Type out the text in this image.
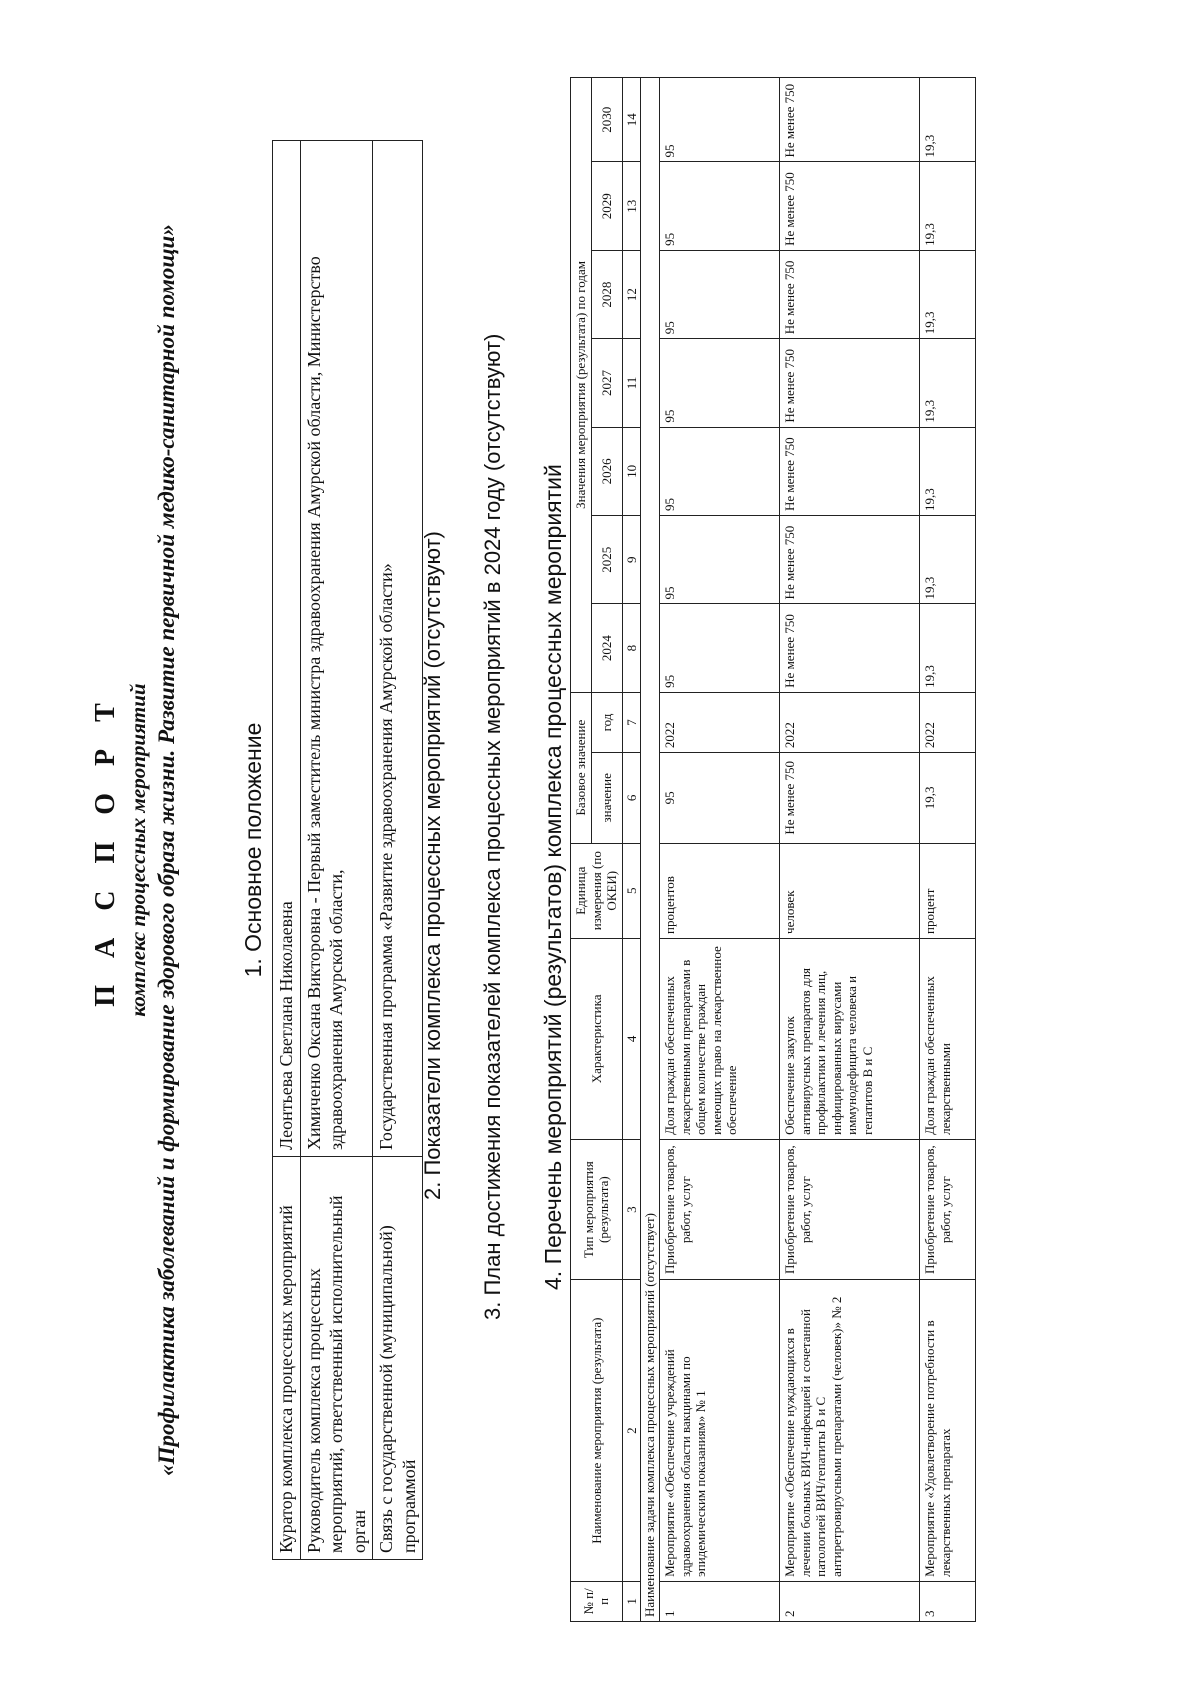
П А С П О Р Т комплекс процессных мероприятий «Профилактика заболеваний и формирование здорового образа жизни. Развитие первичной медико-санитарной помощи»	1. Основное положение
Куратор комплекса процессных мероприятий	Леонтьева Светлана Николаевна
Руководитель комплекса процессных мероприятий, ответственный исполнительный орган	Химиченко Оксана Викторовна - Первый заместитель министра здравоохранения Амурской области, Министерство здравоохранения Амурской области,
Связь с государственной (муниципальной) программой	Государственная программа «Развитие здравоохранения Амурской области» 2. Показатели комплекса процессных мероприятий (отсутствуют) 3. План достижения показателей комплекса процессных мероприятий в 2024 году (отсутствуют) 4. Перечень мероприятий (результатов) комплекса процессных мероприятий
№ п/п	Наименование мероприятия (результата)	Тип мероприятия (результата)	Характеристика	Единица измерения (по ОКЕИ)	Базовое значение		Значения мероприятия (результата) по годам						
					значение	год	2024	2025	2026	2027	2028	2029	2030

1	2	3	4	5	6	7	8	9	10	11	12	13	14
Наименование задачи комплекса процессных мероприятий (отсутствует)													
1	Мероприятие «Обеспечение учреждений здравоохранения области вакцинами по эпидемическим показаниям» № 1	Приобретение товаров, работ, услуг	Доля граждан обеспеченных лекарственными препаратами в общем количестве граждан имеющих право на лекарственное обеспечение	процентов	95	2022	95	95	95	95	95	95	95
2	Мероприятие «Обеспечение нуждающихся в лечении больных ВИЧ-инфекцией и сочетанной патологией ВИЧ/гепатиты В и С антиретровирусными препаратами (человек)» № 2	Приобретение товаров, работ, услуг	Обеспечение закупок антивирусных препаратов для профилактики и лечения лиц, инфицированных вирусами иммунодефицита человека и гепатитов В и С	человек	Не менее 750	2022	Не менее 750	Не менее 750	Не менее 750	Не менее 750	Не менее 750	Не менее 750	Не менее 750
3	Мероприятие «Удовлетворение потребности в лекарственных препаратах	Приобретение товаров, работ, услуг	Доля граждан обеспеченных лекарственными	процент	19,3	2022	19,3	19,3	19,3	19,3	19,3	19,3	19,3
